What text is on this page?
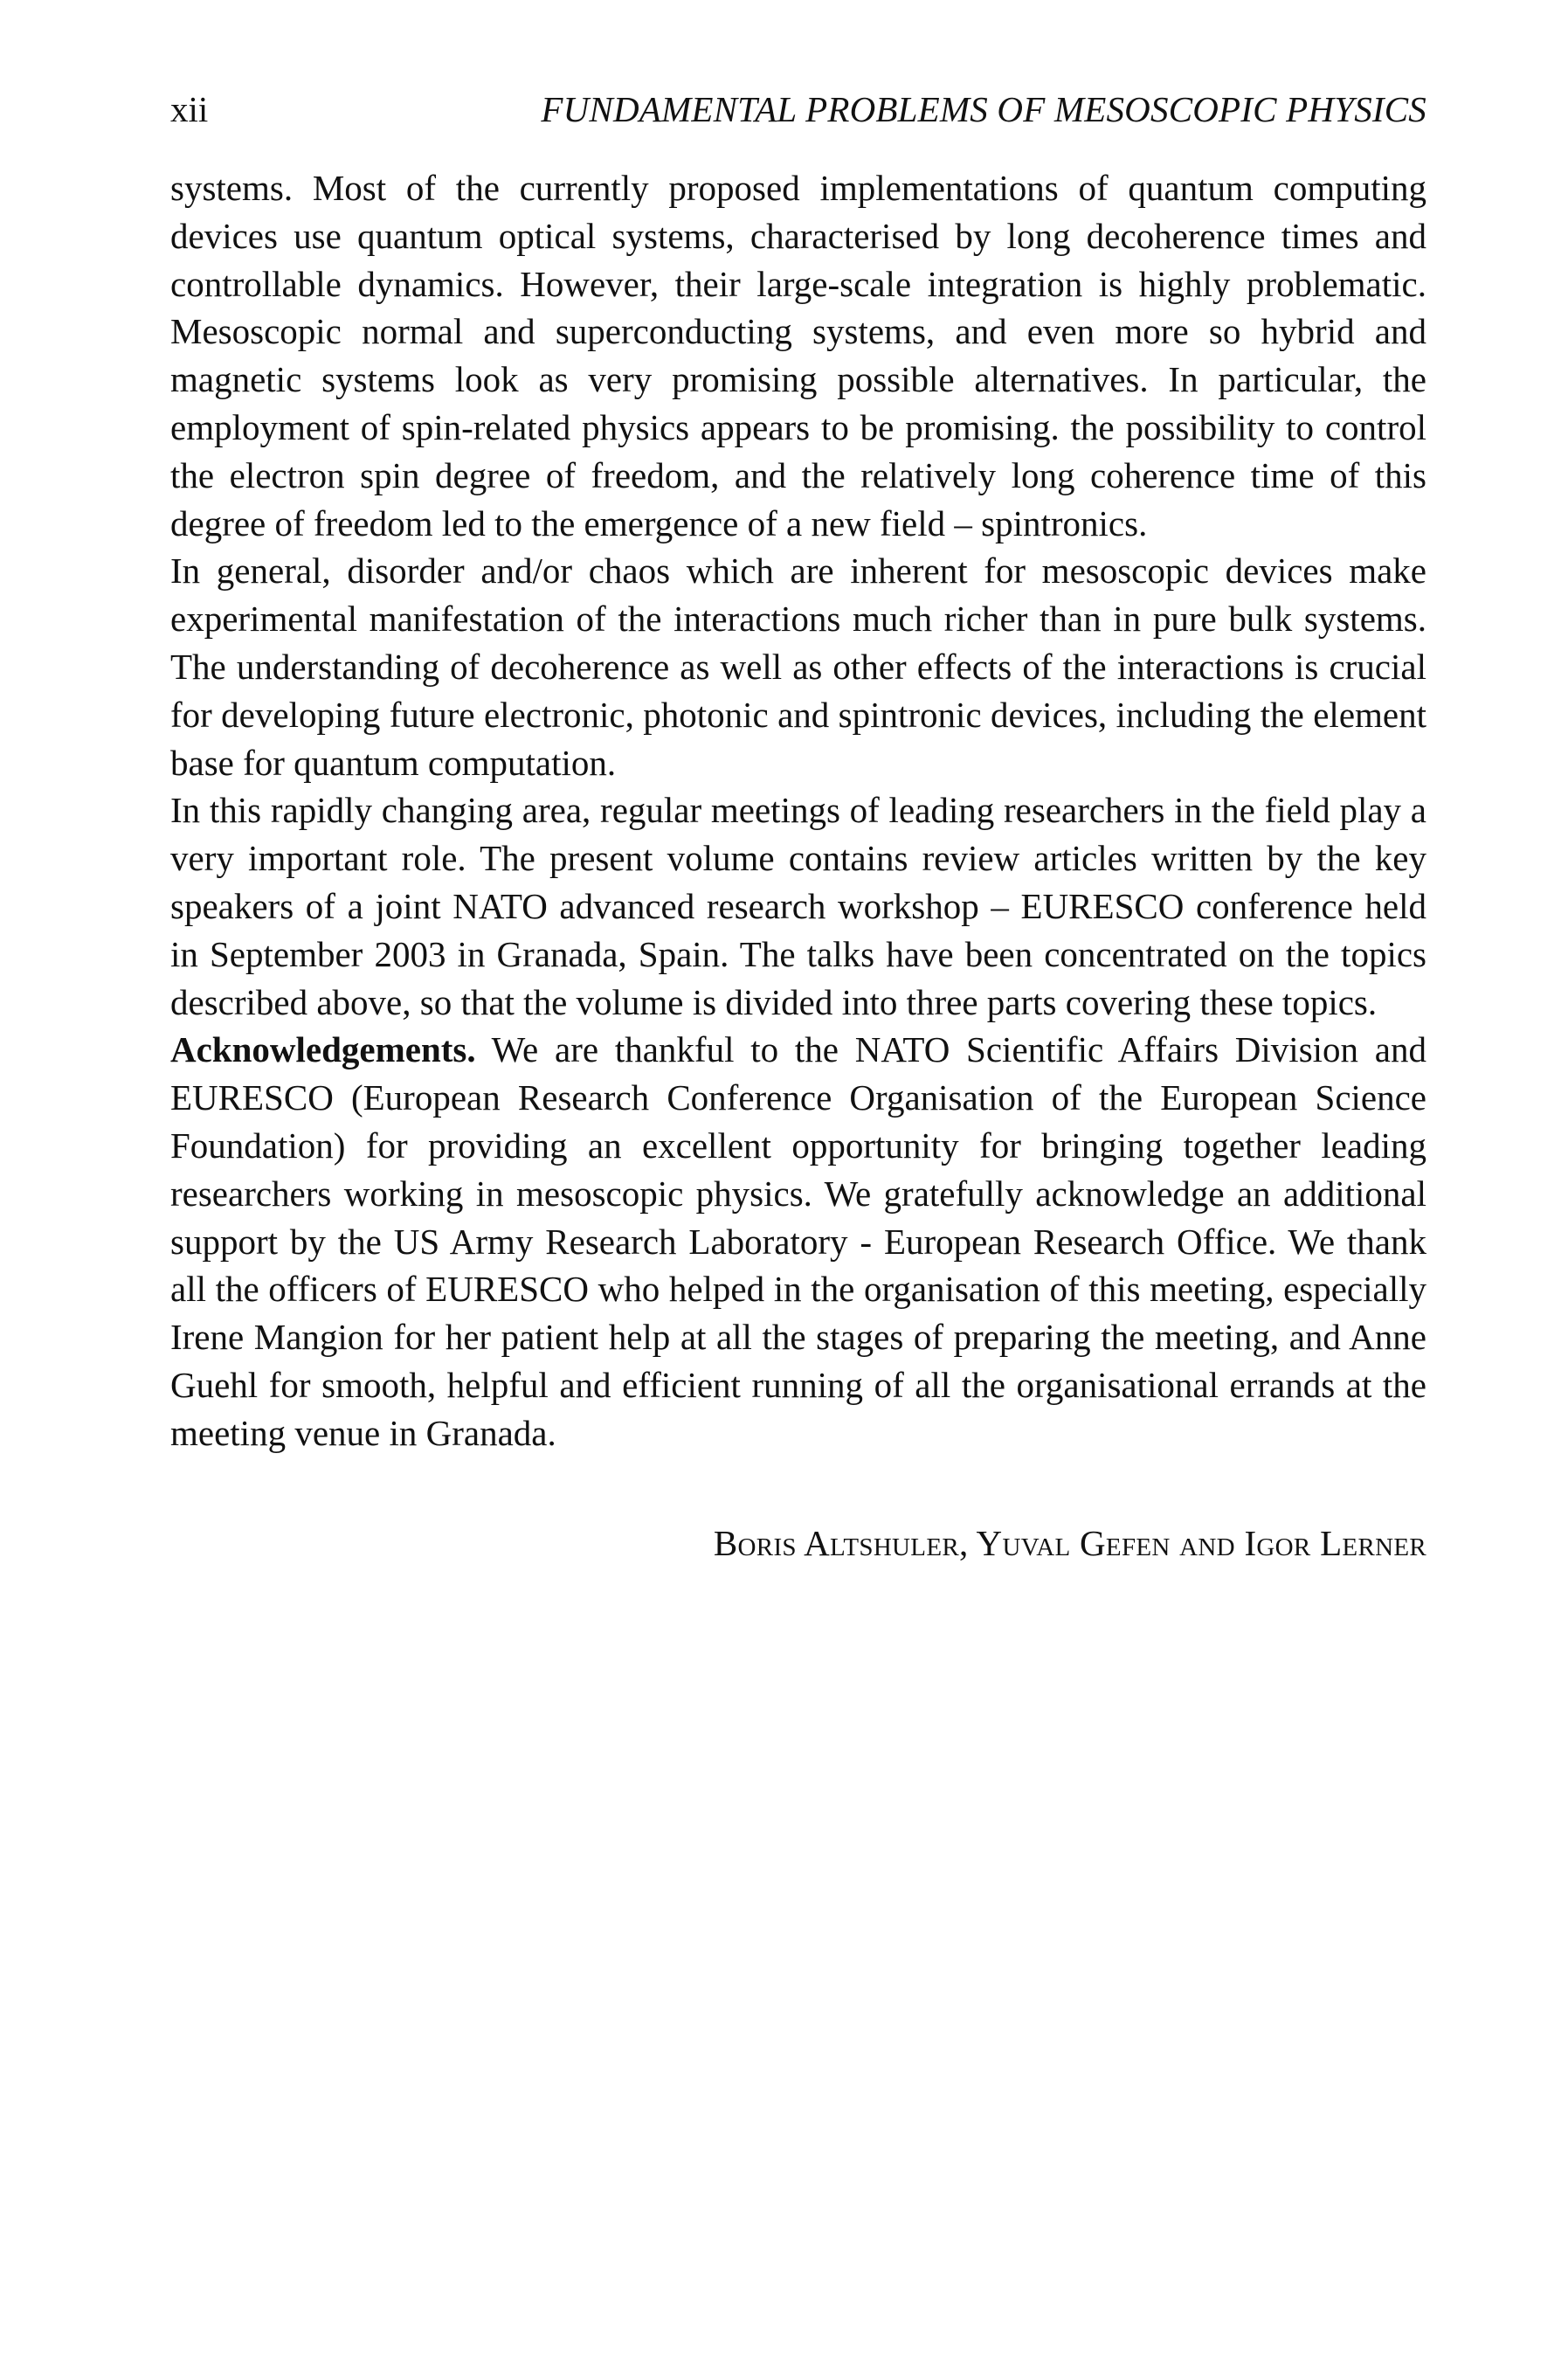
xii	FUNDAMENTAL PROBLEMS OF MESOSCOPIC PHYSICS

systems. Most of the currently proposed implementations of quantum computing devices use quantum optical systems, characterised by long decoherence times and controllable dynamics. However, their large-scale integration is highly problematic. Mesoscopic normal and superconducting systems, and even more so hybrid and magnetic systems look as very promising possible alternatives. In particular, the employment of spin-related physics appears to be promising. the possibility to control the electron spin degree of freedom, and the relatively long coherence time of this degree of freedom led to the emergence of a new field – spintronics.

In general, disorder and/or chaos which are inherent for mesoscopic devices make experimental manifestation of the interactions much richer than in pure bulk systems. The understanding of decoherence as well as other effects of the interactions is crucial for developing future electronic, photonic and spintronic devices, including the element base for quantum computation.

In this rapidly changing area, regular meetings of leading researchers in the field play a very important role. The present volume contains review articles written by the key speakers of a joint NATO advanced research workshop – EURESCO conference held in September 2003 in Granada, Spain. The talks have been concentrated on the topics described above, so that the volume is divided into three parts covering these topics.

Acknowledgements. We are thankful to the NATO Scientific Affairs Division and EURESCO (European Research Conference Organisation of the European Science Foundation) for providing an excellent opportunity for bringing together leading researchers working in mesoscopic physics. We gratefully acknowledge an additional support by the US Army Research Laboratory - European Research Office. We thank all the officers of EURESCO who helped in the organisation of this meeting, especially Irene Mangion for her patient help at all the stages of preparing the meeting, and Anne Guehl for smooth, helpful and efficient running of all the organisational errands at the meeting venue in Granada.

Boris Altshuler, Yuval Gefen and Igor Lerner
